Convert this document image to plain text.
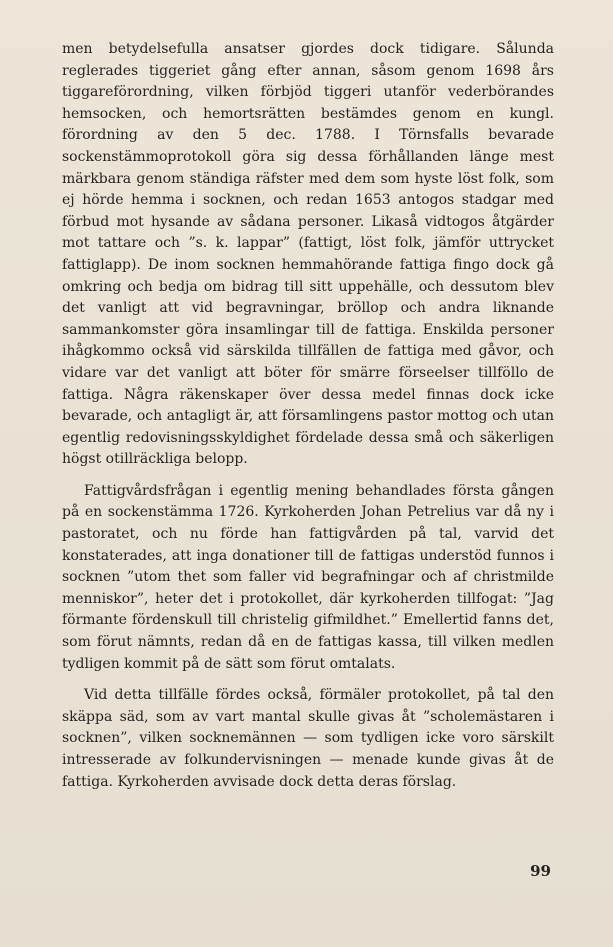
men betydelsefulla ansatser gjordes dock tidigare. Sålunda reglerades tiggeriet gång efter annan, såsom genom 1698 års tiggareförordning, vilken förbjöd tiggeri utanför vederbörandes hemsocken, och hemortsrätten bestämdes genom en kungl. förordning av den 5 dec. 1788. I Törnsfalls bevarade sockenstämmoprotokoll göra sig dessa förhållanden länge mest märkbara genom ständiga räfster med dem som hyste löst folk, som ej hörde hemma i socknen, och redan 1653 antogos stadgar med förbud mot hysande av sådana personer. Likaså vidtogos åtgärder mot tattare och ”s. k. lappar” (fattigt, löst folk, jämför uttrycket fattiglapp). De inom socknen hemmahörande fattiga fingo dock gå omkring och bedja om bidrag till sitt uppehälle, och dessutom blev det vanligt att vid begravningar, bröllop och andra liknande sammankomster göra insamlingar till de fattiga. Enskilda personer ihågkommo också vid särskilda tillfällen de fattiga med gåvor, och vidare var det vanligt att böter för smärre förseelser tillföllo de fattiga. Några räkenskaper över dessa medel finnas dock icke bevarade, och antagligt är, att församlingens pastor mottog och utan egentlig redovisningsskyldighet fördelade dessa små och säkerligen högst otillräckliga belopp.

Fattigvårdsfrågan i egentlig mening behandlades första gången på en sockenstämma 1726. Kyrkoherden Johan Petrelius var då ny i pastoratet, och nu förde han fattigvården på tal, varvid det konstaterades, att inga donationer till de fattigas understöd funnos i socknen ”utom thet som faller vid begrafningar och af christmilde menniskor”, heter det i protokollet, där kyrkoherden tillfogat: ”Jag förmante fördenskull till christelig gifmildhet.” Emellertid fanns det, som förut nämnts, redan då en de fattigas kassa, till vilken medlen tydligen kommit på de sätt som förut omtalats.

Vid detta tillfälle fördes också, förmäler protokollet, på tal den skäppa säd, som av vart mantal skulle givas åt ”scholemästaren i socknen”, vilken socknemännen — som tydligen icke voro särskilt intresserade av folkundervisningen — menade kunde givas åt de fattiga. Kyrkoherden avvisade dock detta deras förslag.

99
